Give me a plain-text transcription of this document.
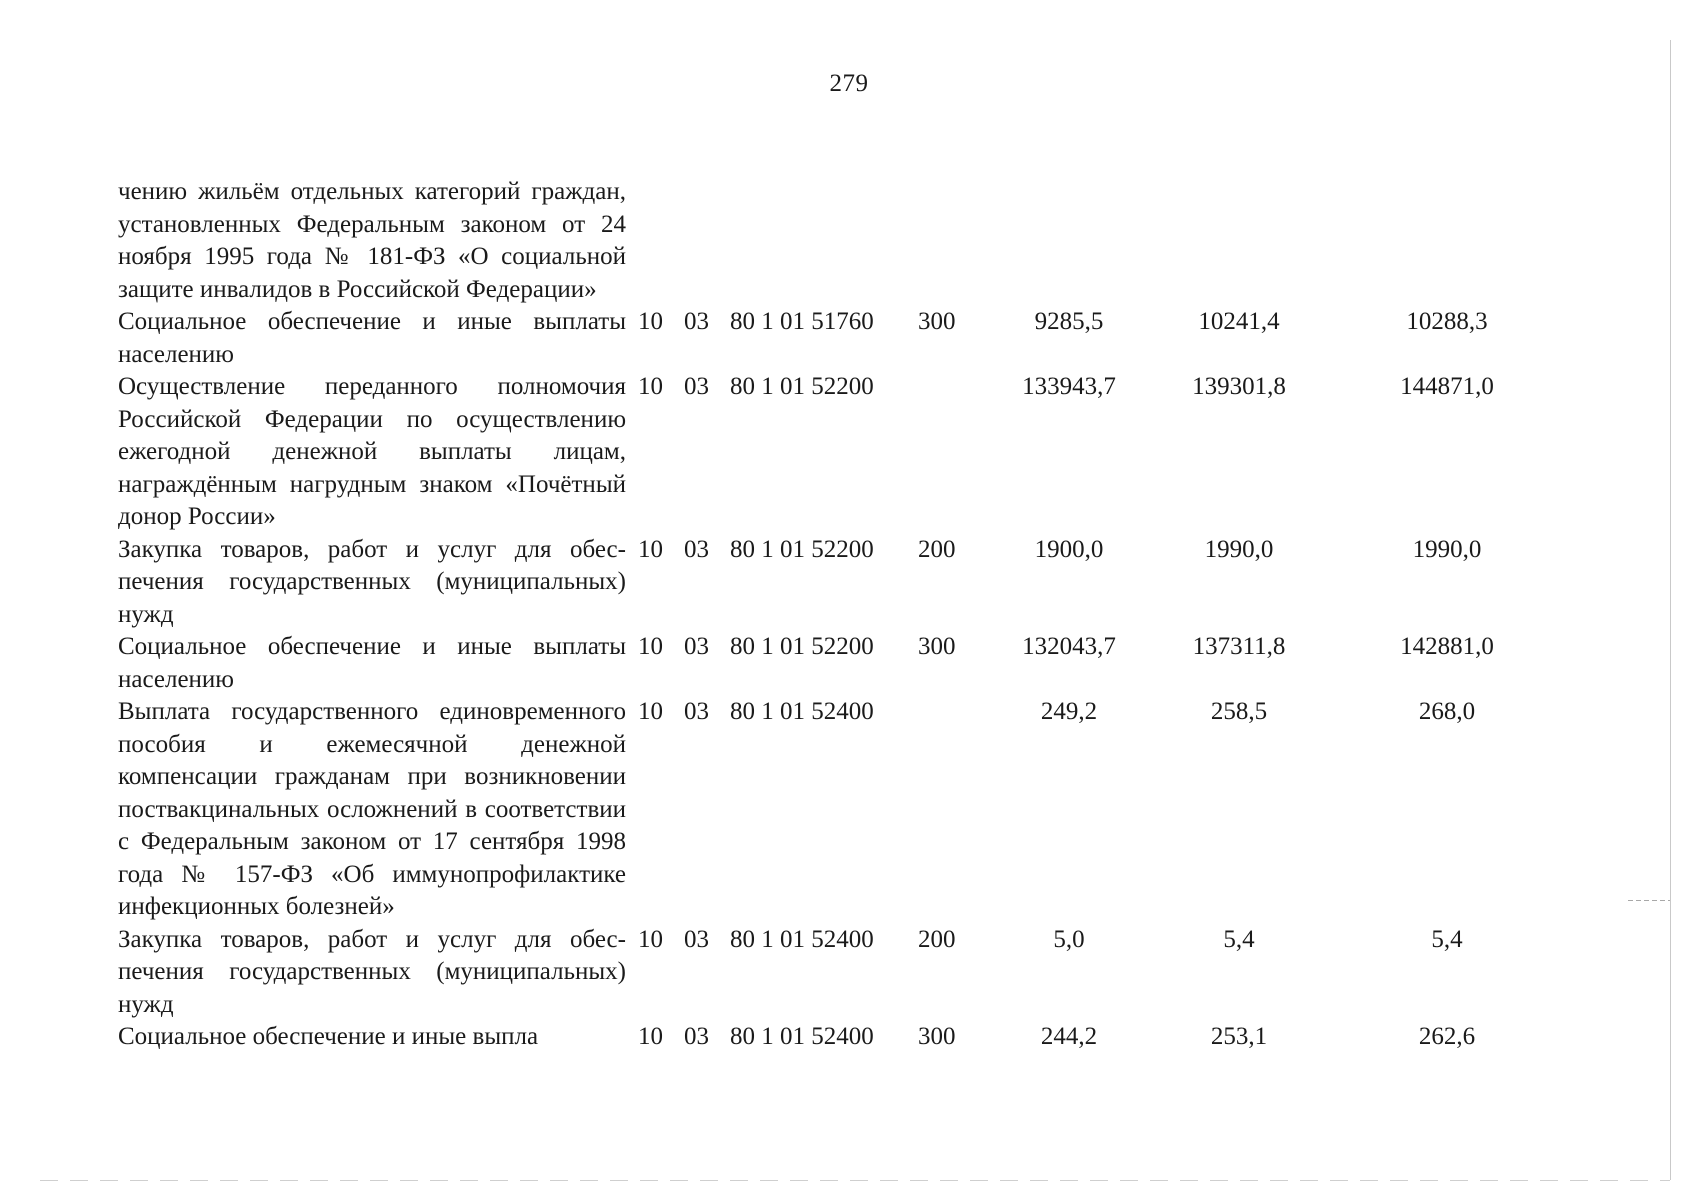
279
чению жильём отдельных категорий граждан, установленных Федеральным законом от 24 ноября 1995 года № 181-ФЗ «О социальной защите инвалидов в Российской Федерации»							
Социальное обеспечение и иные выплаты населению	10	03	80 1 01 51760	300	9285,5	10241,4	10288,3
Осуществление переданного полномочия Российской Федерации по осуществлению ежегодной денежной выплаты лицам, награждённым нагрудным знаком «Почётный донор России»	10	03	80 1 01 52200		133943,7	139301,8	144871,0
Закупка товаров, работ и услуг для обеспечения государственных (муниципальных) нужд	10	03	80 1 01 52200	200	1900,0	1990,0	1990,0
Социальное обеспечение и иные выплаты населению	10	03	80 1 01 52200	300	132043,7	137311,8	142881,0
Выплата государственного единовременного пособия и ежемесячной денежной компенсации гражданам при возникновении поствакцинальных осложнений в соответствии с Федеральным законом от 17 сентября 1998 года № 157-ФЗ «Об иммунопрофилактике инфекционных болезней»	10	03	80 1 01 52400		249,2	258,5	268,0
Закупка товаров, работ и услуг для обеспечения государственных (муниципальных) нужд	10	03	80 1 01 52400	200	5,0	5,4	5,4
Социальное обеспечение и иные выпла	10	03	80 1 01 52400	300	244,2	253,1	262,6
